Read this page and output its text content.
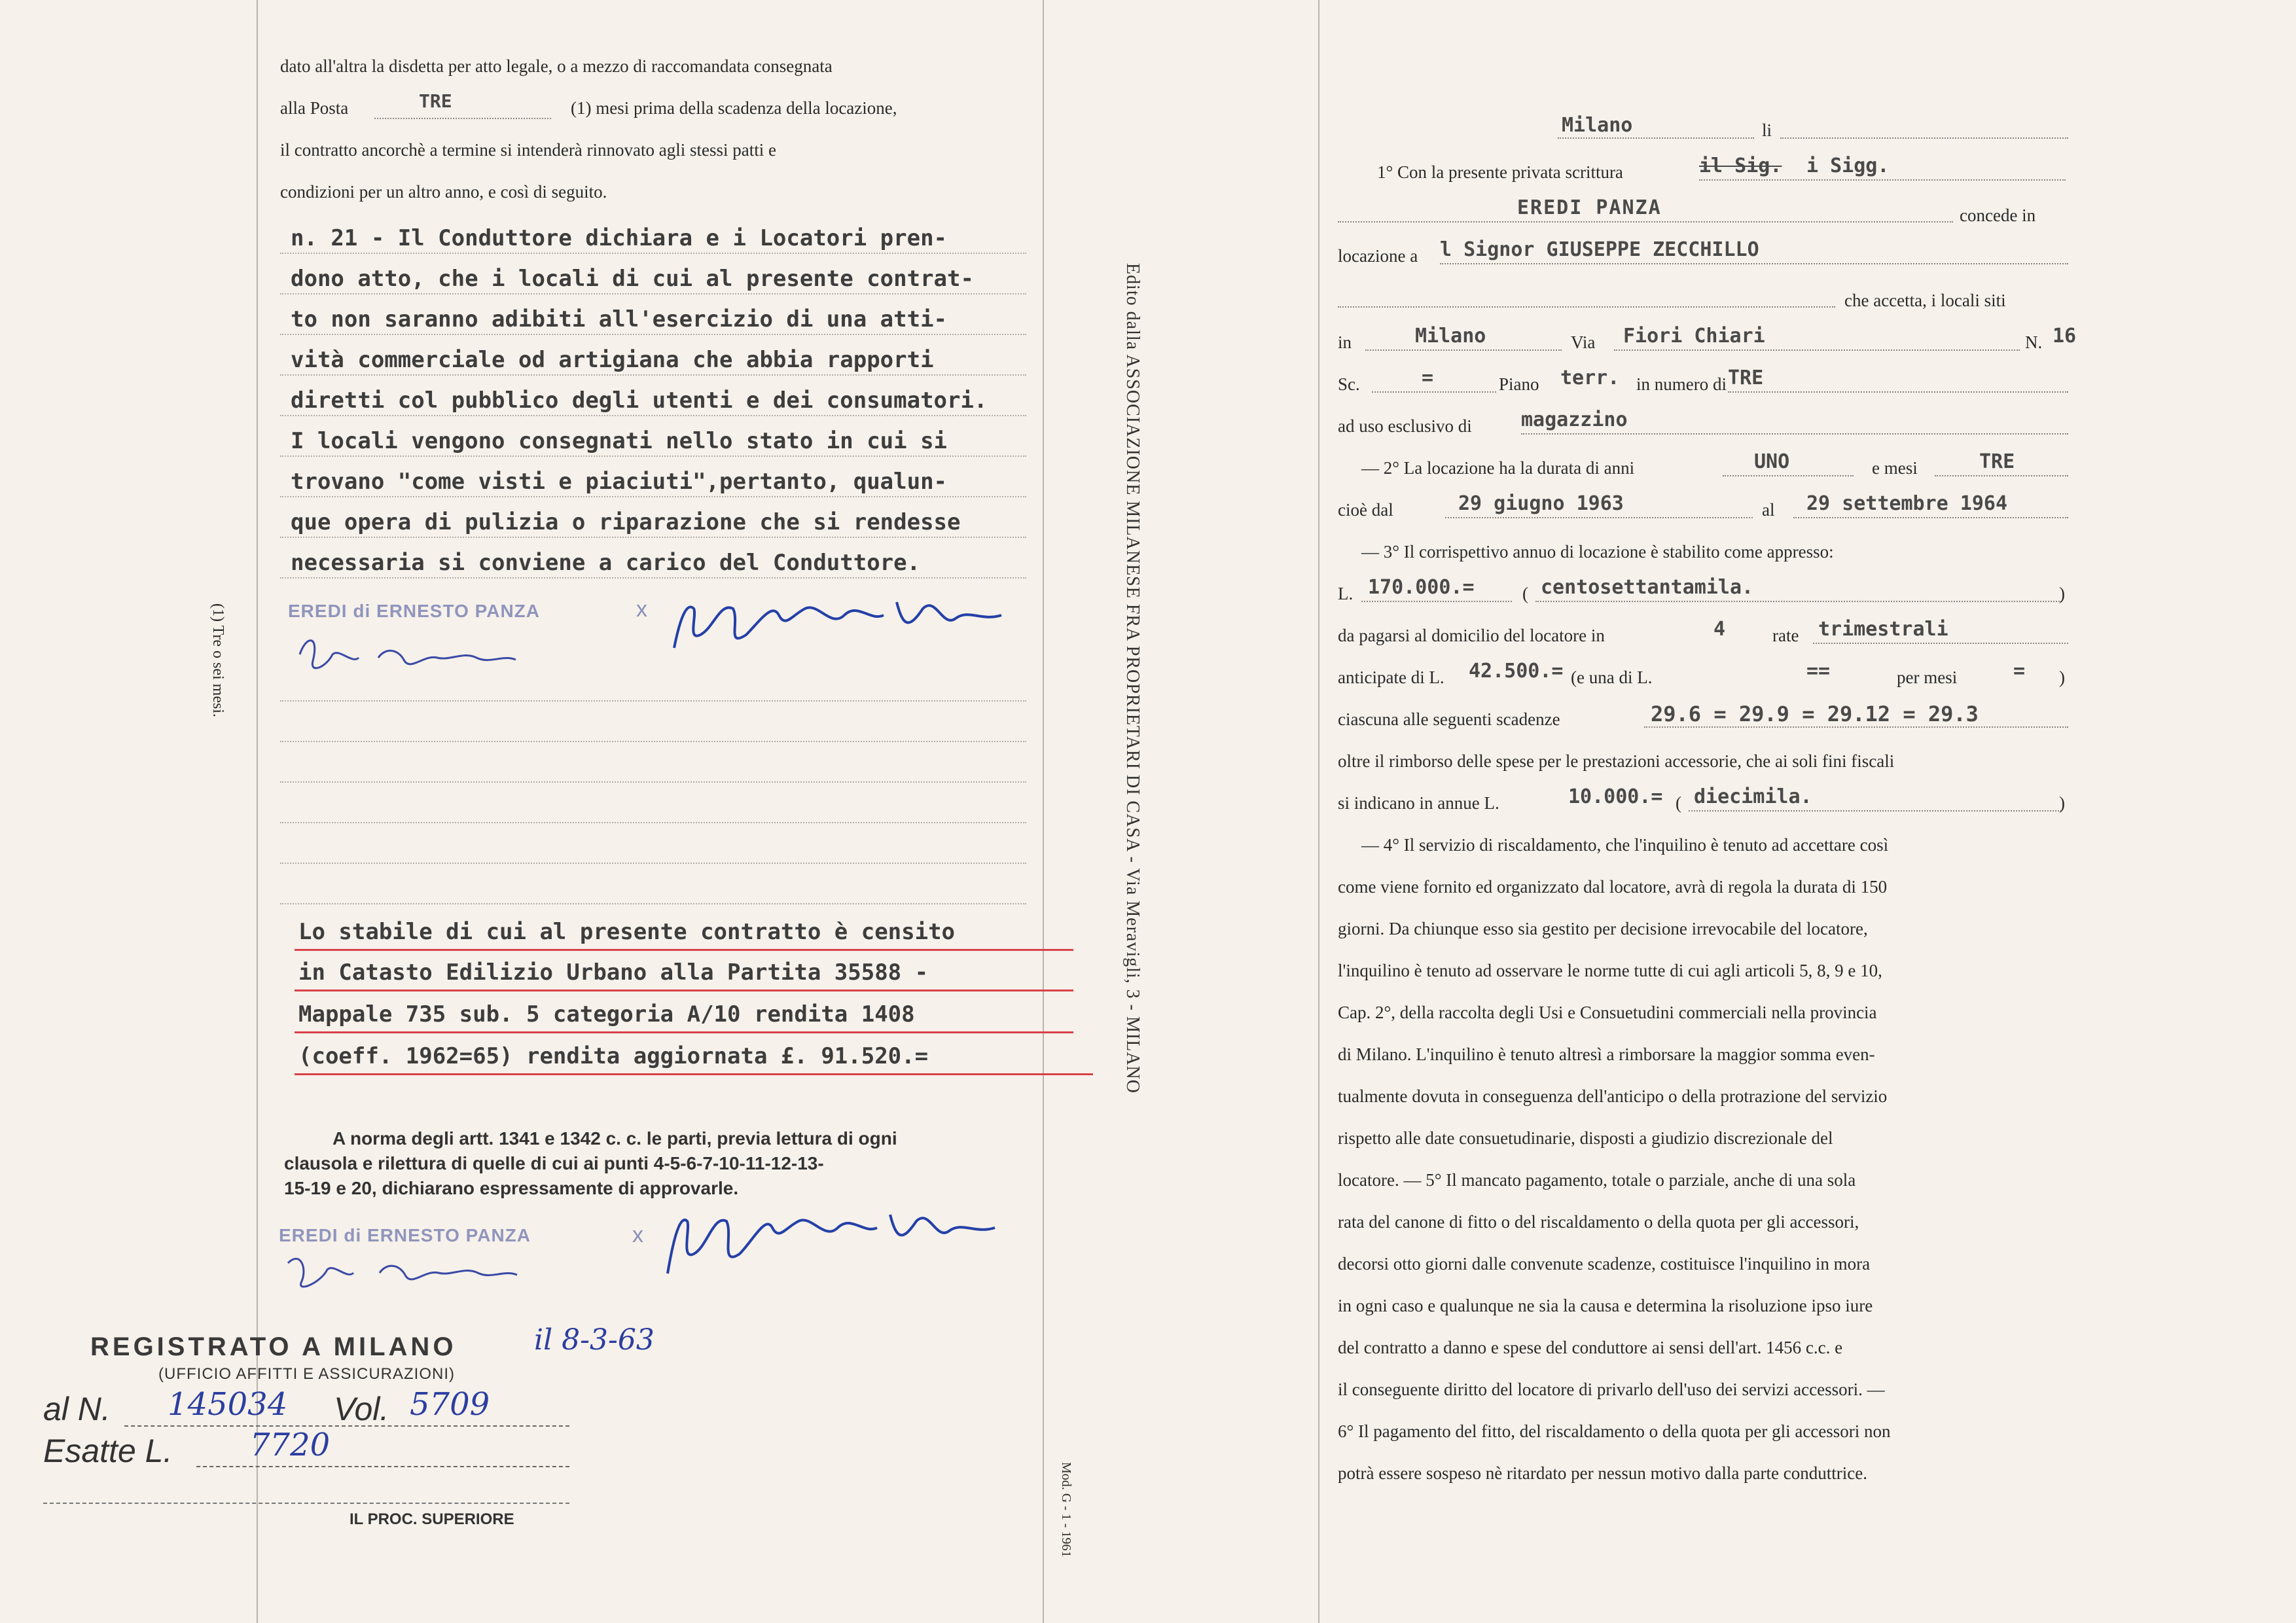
dato all'altra la disdetta per atto legale, o a mezzo di raccomandata consegnata
alla Posta	TRE	(1) mesi prima della scadenza della locazione,
il contratto ancorchè a termine si intenderà rinnovato agli stessi patti e
condizioni per un altro anno, e così di seguito.
n. 21 - Il Conduttore dichiara e i Locatori pren-
dono atto, che i locali di cui al presente contrat-
to non saranno adibiti all'esercizio di una atti-
vità commerciale od artigiana che abbia rapporti
diretti col pubblico degli utenti e dei consumatori.
I locali vengono consegnati nello stato in cui si
trovano "come visti e piaciuti",pertanto, qualun-
que opera di pulizia o riparazione che si rendesse
necessaria si conviene a carico del Conduttore.
EREDI di ERNESTO PANZA	x
Lo stabile di cui al presente contratto è censito
in Catasto Edilizio Urbano alla Partita 35588 -
Mappale 735 sub. 5 categoria A/10 rendita 1408
(coeff. 1962=65) rendita aggiornata £. 91.520.=
A norma degli artt. 1341 e 1342 c. c. le parti, previa lettura di ogni
clausola e rilettura di quelle di cui ai punti 4-5-6-7-10-11-12-13-
15-19 e 20, dichiarano espressamente di approvarle.
EREDI di ERNESTO PANZA	x
REGISTRATO A MILANO	il 8-3-63
(UFFICIO AFFITTI E ASSICURAZIONI)
al N. 145034 Vol. 5709
Esatte L. 7720
IL PROC. SUPERIORE
(1) Tre o sei mesi.
Mod. G - 1 - 1961
Edito dalla ASSOCIAZIONE MILANESE FRA PROPRIETARI DI CASA - Via Meravigli, 3 - MILANO
Milano	li
1° Con la presente privata scrittura	il Sig. i Sigg.
EREDI PANZA	concede in
locazione a l Signor GIUSEPPE ZECCHILLO
che accetta, i locali siti
in	Milano	Via Fiori Chiari	N. 16
Sc.	=	Piano terr. in numero di TRE
ad uso esclusivo di	magazzino
— 2° La locazione ha la durata di anni	UNO	e mesi	TRE
cioè dal	29 giugno 1963	al 29 settembre 1964
— 3° Il corrispettivo annuo di locazione è stabilito come appresso:
L. 170.000.=	( centosettantamila.	)
da pagarsi al domicilio del locatore in	4	rate trimestrali
anticipate di L. 42.500.= (e una di L.	==	per mesi	= )
ciascuna alle seguenti scadenze	29.6 = 29.9 = 29.12 = 29.3
oltre il rimborso delle spese per le prestazioni accessorie, che ai soli fini fiscali
si indicano in annue L.	10.000.= ( diecimila.	)
— 4° Il servizio di riscaldamento, che l'inquilino è tenuto ad accettare così
come viene fornito ed organizzato dal locatore, avrà di regola la durata di 150
giorni. Da chiunque esso sia gestito per decisione irrevocabile del locatore,
l'inquilino è tenuto ad osservare le norme tutte di cui agli articoli 5, 8, 9 e 10,
Cap. 2°, della raccolta degli Usi e Consuetudini commerciali nella provincia
di Milano. L'inquilino è tenuto altresì a rimborsare la maggior somma even-
tualmente dovuta in conseguenza dell'anticipo o della protrazione del servizio
rispetto alle date consuetudinarie, disposti a giudizio discrezionale del
locatore. — 5° Il mancato pagamento, totale o parziale, anche di una sola
rata del canone di fitto o del riscaldamento o della quota per gli accessori,
decorsi otto giorni dalle convenute scadenze, costituisce l'inquilino in mora
in ogni caso e qualunque ne sia la causa e determina la risoluzione ipso iure
del contratto a danno e spese del conduttore ai sensi dell'art. 1456 c.c. e
il conseguente diritto del locatore di privarlo dell'uso dei servizi accessori. —
6° Il pagamento del fitto, del riscaldamento o della quota per gli accessori non
potrà essere sospeso nè ritardato per nessun motivo dalla parte conduttrice.
